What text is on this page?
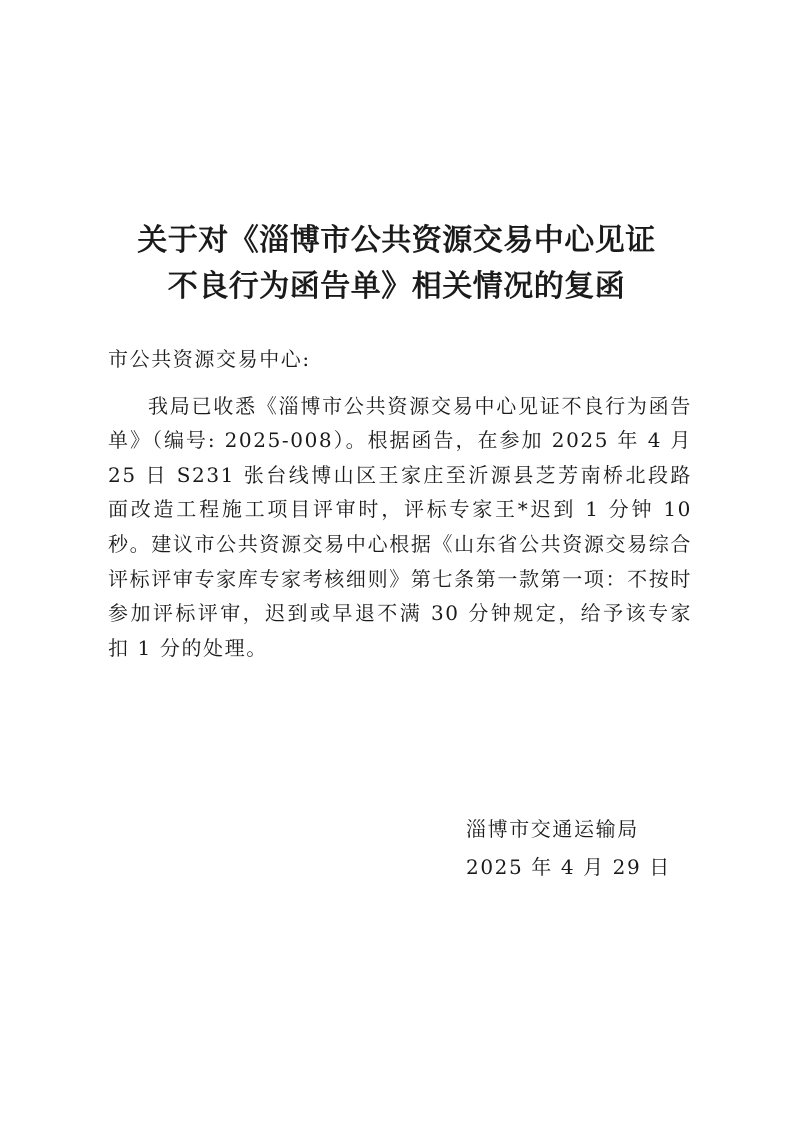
关于对《淄博市公共资源交易中心见证
不良行为函告单》相关情况的复函
市公共资源交易中心:

我局已收悉《淄博市公共资源交易中心见证不良行为函告单》（编号: 2025-008）。根据函告，在参加 2025 年 4 月 25 日 S231 张台线博山区王家庄至沂源县芝芳南桥北段路面改造工程施工项目评审时，评标专家王*迟到 1 分钟 10 秒。建议市公共资源交易中心根据《山东省公共资源交易综合评标评审专家库专家考核细则》第七条第一款第一项：不按时参加评标评审，迟到或早退不满 30 分钟规定，给予该专家扣 1 分的处理。

淄博市交通运输局
2025 年 4 月 29 日
